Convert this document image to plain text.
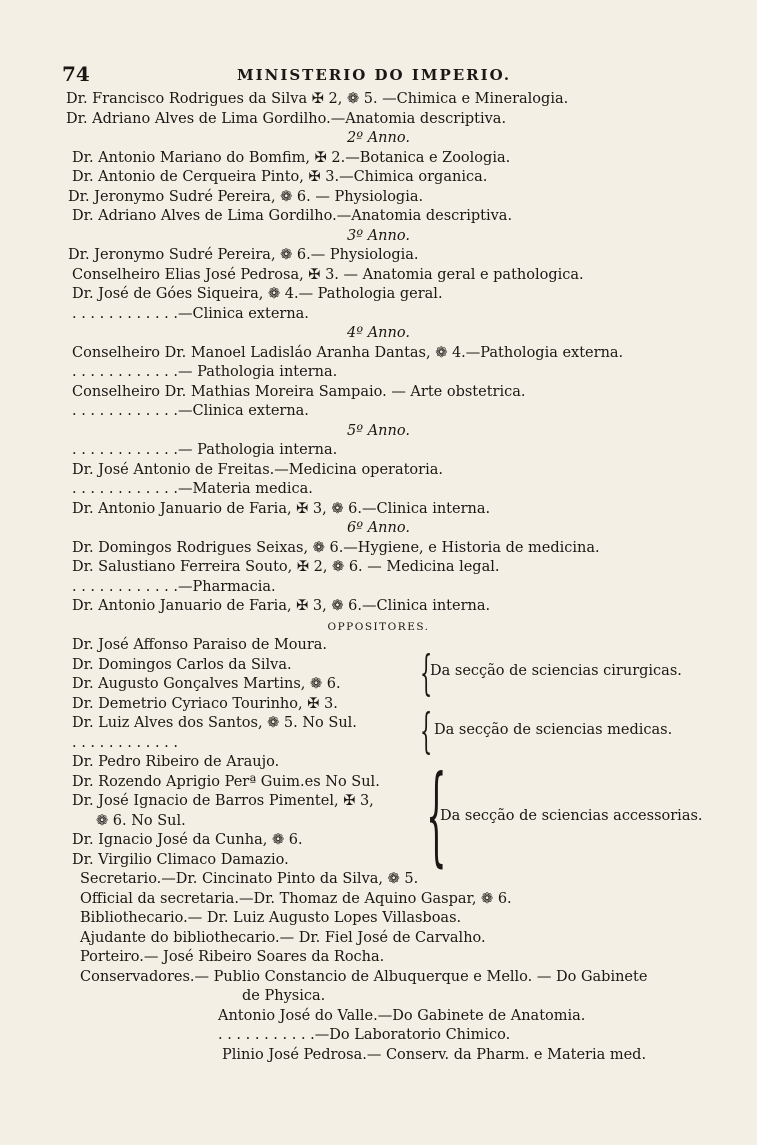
74	MINISTERIO DO IMPERIO.
Dr. Francisco Rodrigues da Silva ✠ 2, ❁ 5. —Chimica e Mineralogia.
Dr. Adriano Alves de Lima Gordilho.—Anatomia descriptiva.
2º Anno.
Dr. Antonio Mariano do Bomfim, ✠ 2.—Botanica e Zoologia.
Dr. Antonio de Cerqueira Pinto, ✠ 3.—Chimica organica.
Dr. Jeronymo Sudré Pereira, ❁ 6. — Physiologia.
Dr. Adriano Alves de Lima Gordilho.—Anatomia descriptiva.
3º Anno.
Dr. Jeronymo Sudré Pereira, ❁ 6.— Physiologia.
Conselheiro Elias José Pedrosa, ✠ 3. — Anatomia geral e pathologica.
Dr. José de Góes Siqueira, ❁ 4.— Pathologia geral.
. . . . . . . . . . . .—Clinica externa.
4º Anno.
Conselheiro Dr. Manoel Ladisláo Aranha Dantas, ❁ 4.—Pathologia externa.
. . . . . . . . . . . .— Pathologia interna.
Conselheiro Dr. Mathias Moreira Sampaio. — Arte obstetrica.
. . . . . . . . . . . .—Clinica externa.
5º Anno.
. . . . . . . . . . . .— Pathologia interna.
Dr. José Antonio de Freitas.—Medicina operatoria.
. . . . . . . . . . . .—Materia medica.
Dr. Antonio Januario de Faria, ✠ 3, ❁ 6.—Clinica interna.
6º Anno.
Dr. Domingos Rodrigues Seixas, ❁ 6.—Hygiene, e Historia de medicina.
Dr. Salustiano Ferreira Souto, ✠ 2, ❁ 6. — Medicina legal.
. . . . . . . . . . . .—Pharmacia.
Dr. Antonio Januario de Faria, ✠ 3, ❁ 6.—Clinica interna.
OPPOSITORES.
Dr. José Affonso Paraiso de Moura.
Dr. Domingos Carlos da Silva.
Dr. Augusto Gonçalves Martins, ❁ 6.
Dr. Demetrio Cyriaco Tourinho, ✠ 3.
Dr. Luiz Alves dos Santos, ❁ 5. No Sul.
. . . . . . . . . . . .
Dr. Pedro Ribeiro de Araujo.
Dr. Rozendo Aprigio Perª Guim.es No Sul.
Dr. José Ignacio de Barros Pimentel, ✠ 3,
❁ 6. No Sul.
Dr. Ignacio José da Cunha, ❁ 6.
Dr. Virgilio Climaco Damazio.
Secretario.—Dr. Cincinato Pinto da Silva, ❁ 5.
Official da secretaria.—Dr. Thomaz de Aquino Gaspar, ❁ 6.
Bibliothecario.— Dr. Luiz Augusto Lopes Villasboas.
Ajudante do bibliothecario.— Dr. Fiel José de Carvalho.
Porteiro.— José Ribeiro Soares da Rocha.
Conservadores.— Publio Constancio de Albuquerque e Mello. — Do Gabinete
de Physica.
Antonio José do Valle.—Do Gabinete de Anatomia.
. . . . . . . . . . .—Do Laboratorio Chimico.
Plinio José Pedrosa.— Conserv. da Pharm. e Materia med.
{
Da secção de sciencias cirurgicas.
{ Da secção de sciencias medicas.
{
Da secção de sciencias accessorias.
